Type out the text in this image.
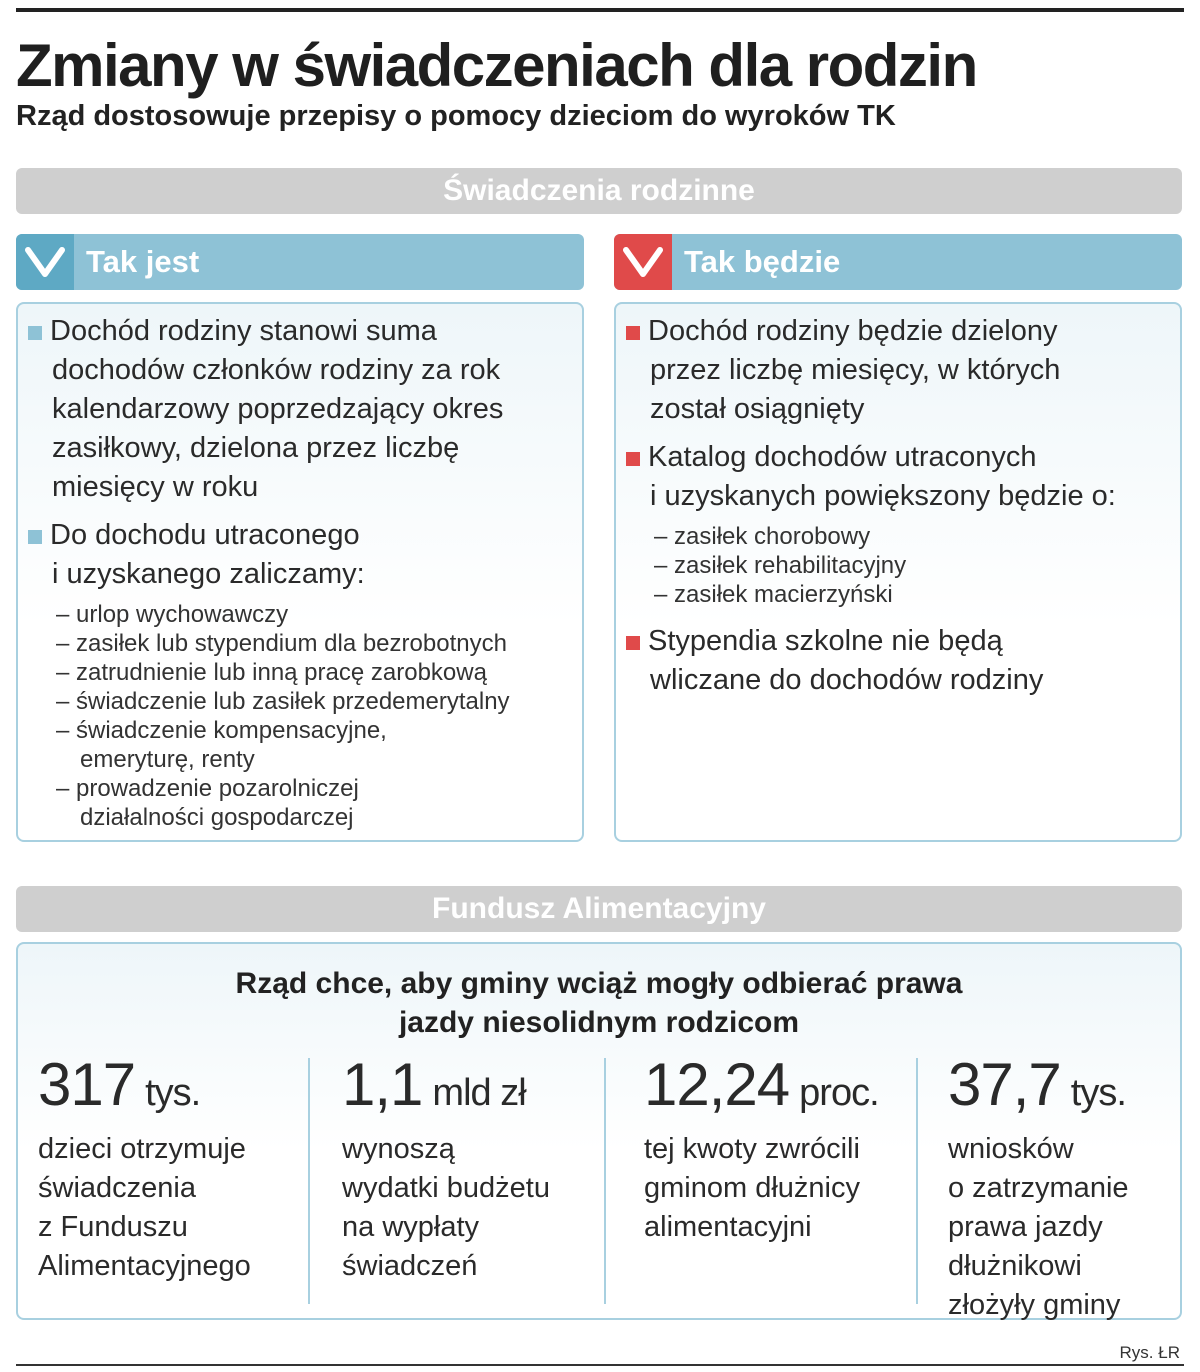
Zmiany w świadczeniach dla rodzin
Rząd dostosowuje przepisy o pomocy dzieciom do wyroków TK
Świadczenia rodzinne
Tak jest	Tak będzie
Dochód rodziny stanowi suma
dochodów członków rodziny za rok
kalendarzowy poprzedzający okres
zasiłkowy, dzielona przez liczbę
miesięcy w roku
Do dochodu utraconego
i uzyskanego zaliczamy:
– urlop wychowawczy
– zasiłek lub stypendium dla bezrobotnych
– zatrudnienie lub inną pracę zarobkową
– świadczenie lub zasiłek przedemerytalny
– świadczenie kompensacyjne,
emeryturę, renty
– prowadzenie pozarolniczej
działalności gospodarczej
Dochód rodziny będzie dzielony
przez liczbę miesięcy, w których
został osiągnięty
Katalog dochodów utraconych
i uzyskanych powiększony będzie o:
– zasiłek chorobowy
– zasiłek rehabilitacyjny
– zasiłek macierzyński
Stypendia szkolne nie będą
wliczane do dochodów rodziny
Fundusz Alimentacyjny
Rząd chce, aby gminy wciąż mogły odbierać prawa
jazdy niesolidnym rodzicom
317 tys.
dzieci otrzymuje
świadczenia
z Funduszu
Alimentacyjnego
1,1 mld zł
wynoszą
wydatki budżetu
na wypłaty
świadczeń
12,24 proc.
tej kwoty zwrócili
gminom dłużnicy
alimentacyjni
37,7 tys.
wniosków
o zatrzymanie
prawa jazdy
dłużnikowi
złożyły gminy
Rys. ŁR
